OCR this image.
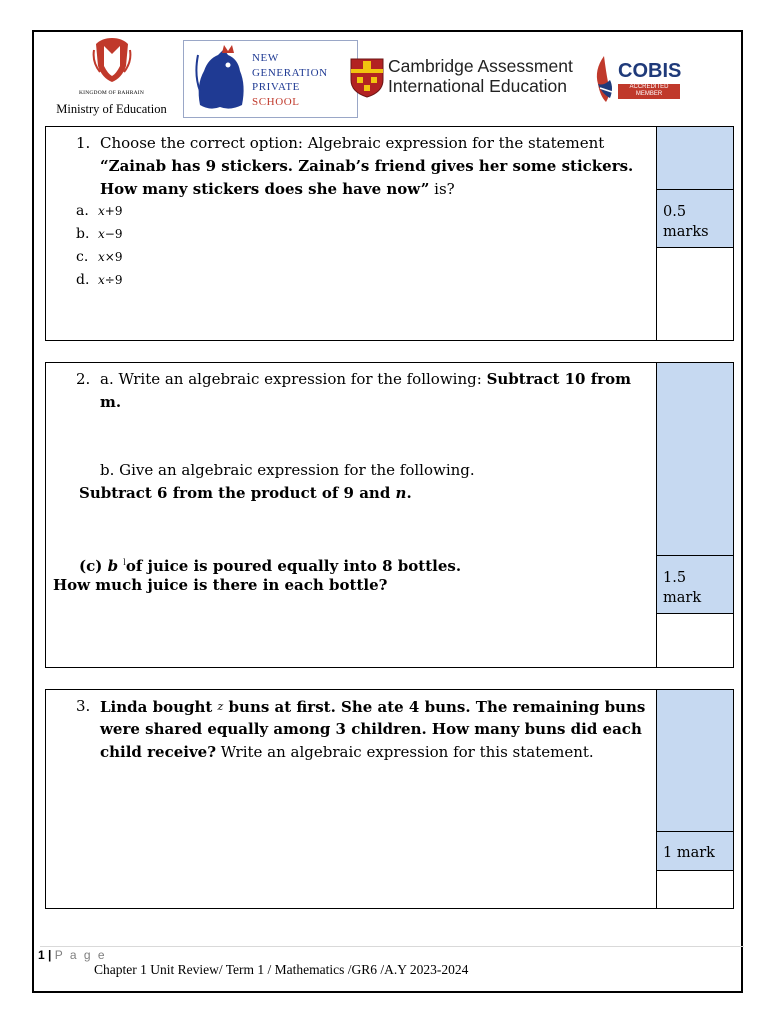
KINGDOM OF BAHRAIN
Ministry of Education
NEW
GENERATION
PRIVATE
SCHOOL
Cambridge Assessment
International Education
COBIS
ACCREDITED
MEMBER
1. Choose the correct option: Algebraic expression for the statement
“Zainab has 9 stickers. Zainab’s friend gives her some stickers.
How many stickers does she have now” is?
a. x+9
b. x−9
c. x×9
d. x÷9
0.5
marks
2. a. Write an algebraic expression for the following: Subtract 10 from
m.
b. Give an algebraic expression for the following.
Subtract 6 from the product of 9 and n.
(c) b $^l$of juice is poured equally into 8 bottles.
How much juice is there in each bottle?	1.5
mark
3. Linda bought z buns at first. She ate 4 buns. The remaining buns
were shared equally among 3 children. How many buns did each
child receive? Write an algebraic expression for this statement.
1 mark
1 | P a g e
Chapter 1 Unit Review/ Term 1 / Mathematics /GR6 /A.Y 2023-2024
